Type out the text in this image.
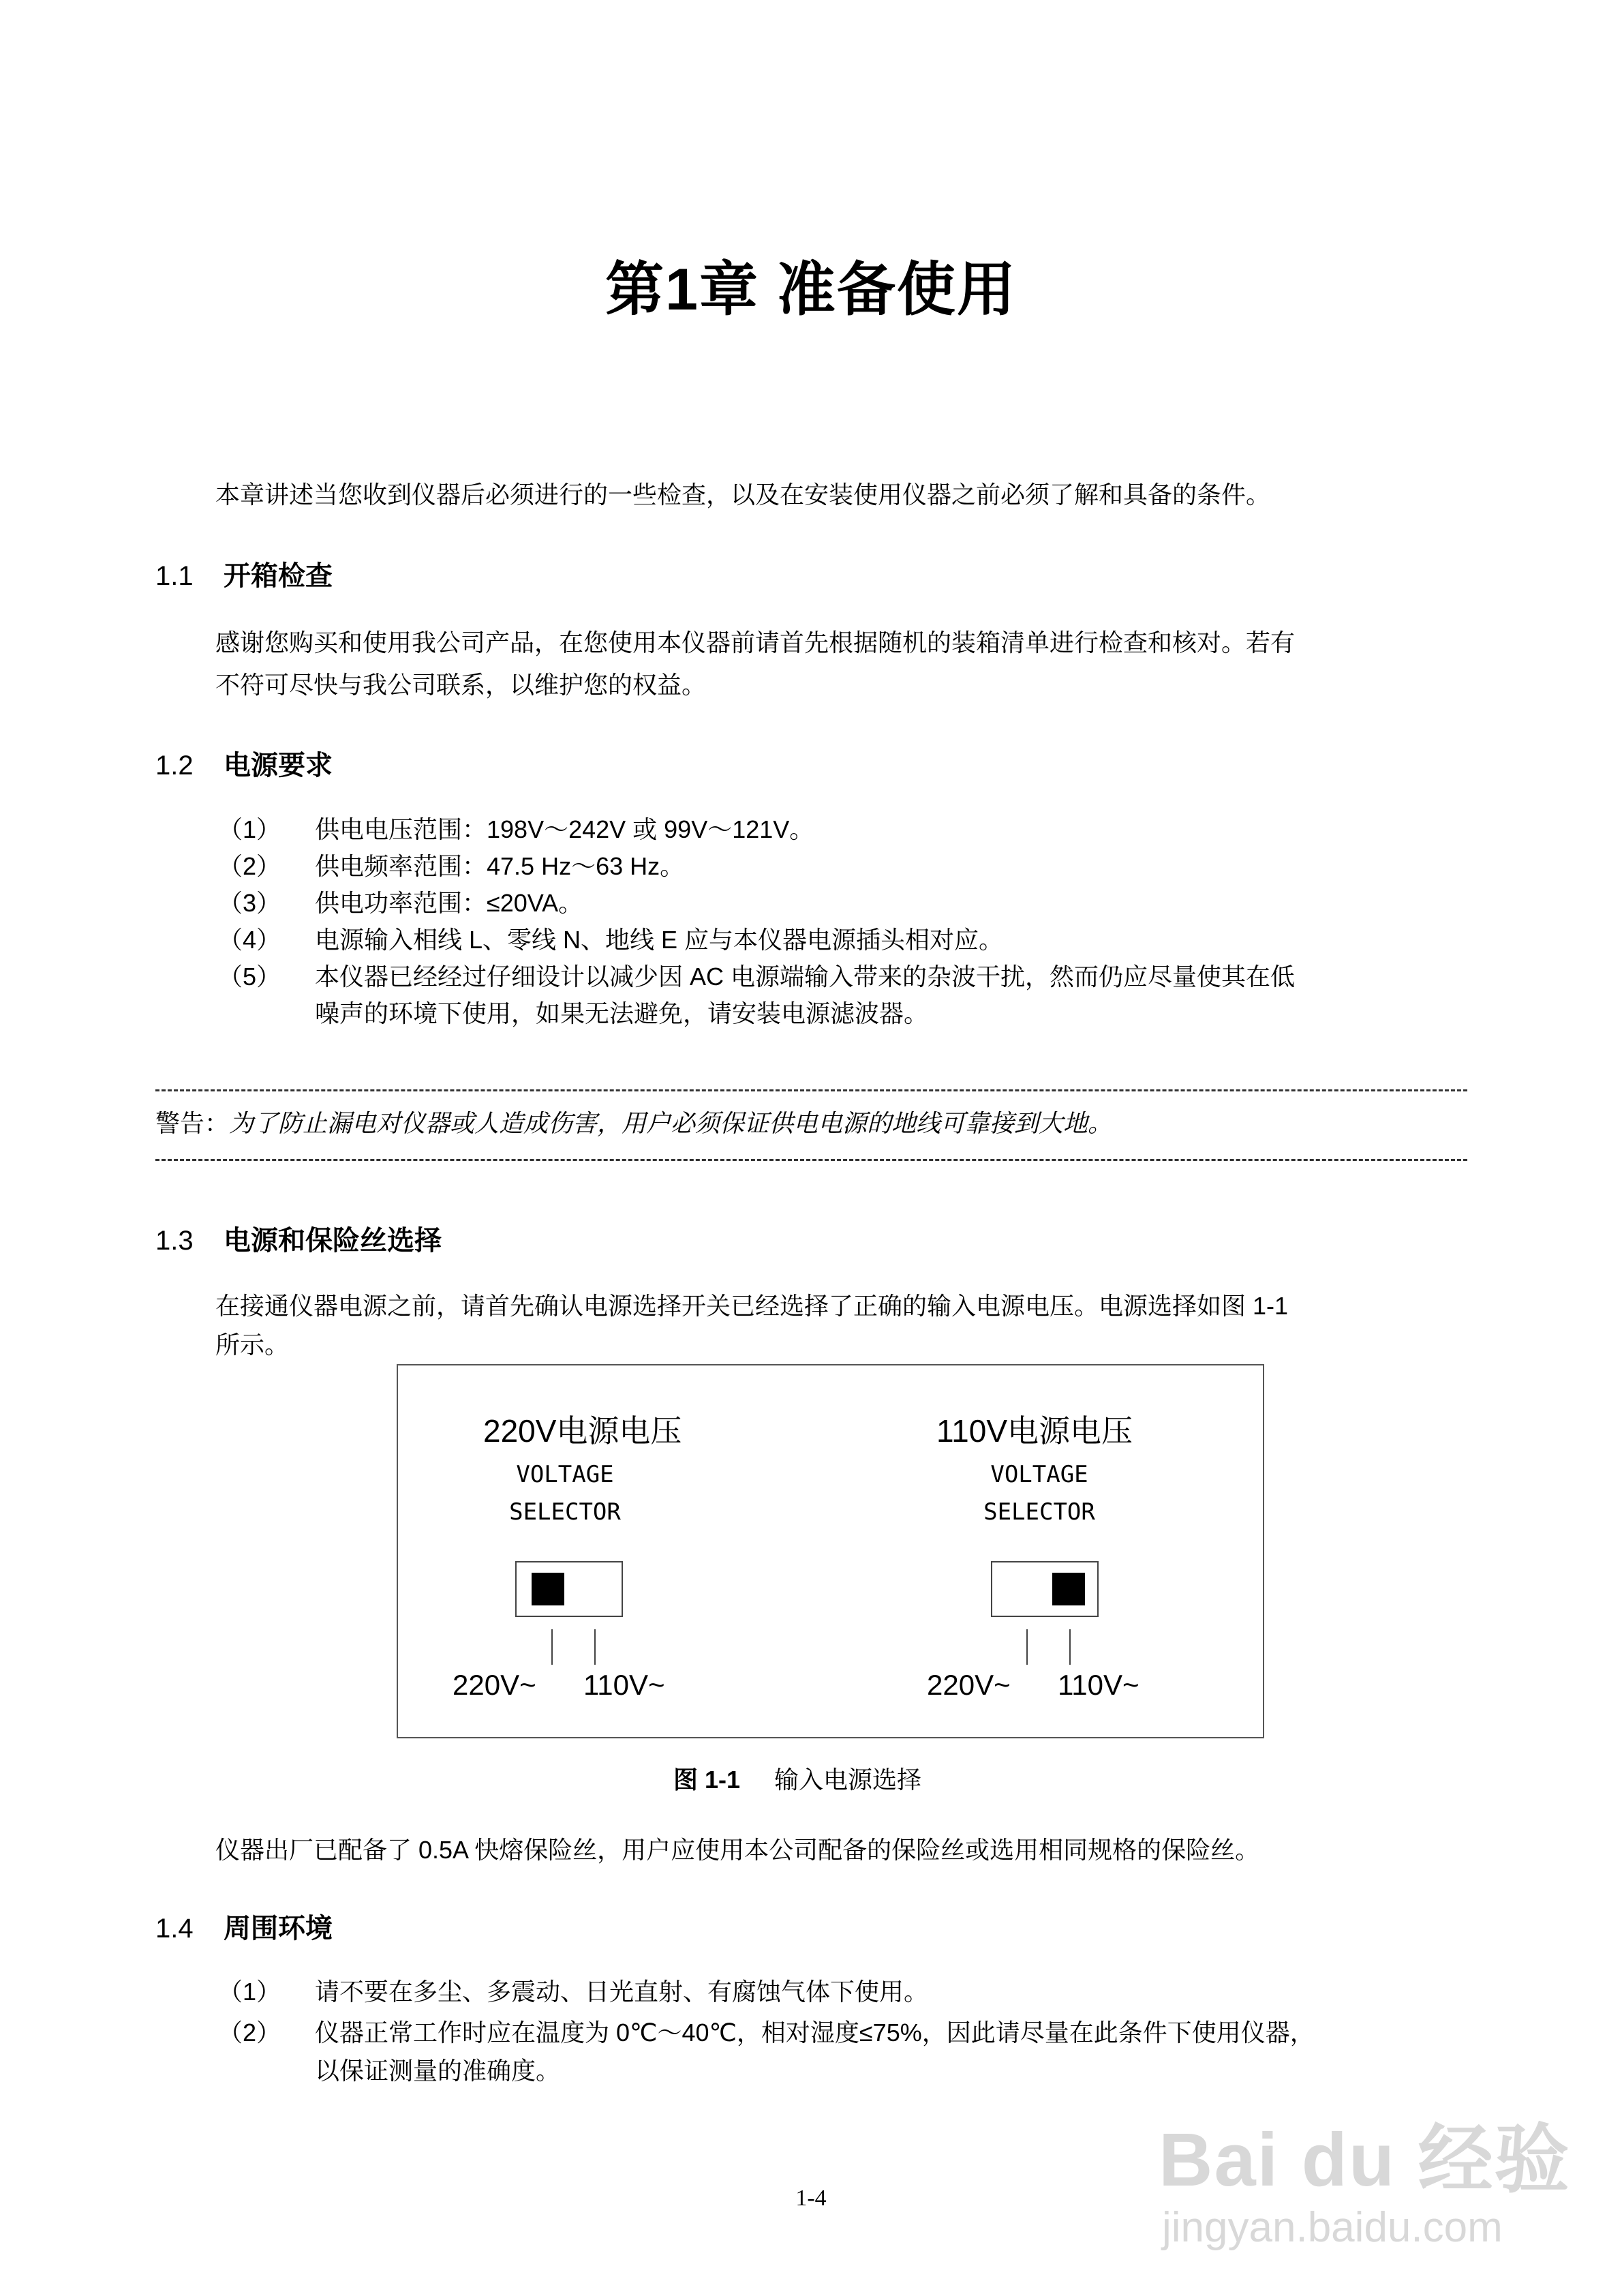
第1章 准备使用
本章讲述当您收到仪器后必须进行的一些检查，以及在安装使用仪器之前必须了解和具备的条件。
1.1 开箱检查
感谢您购买和使用我公司产品，在您使用本仪器前请首先根据随机的装箱清单进行检查和核对。若有
不符可尽快与我公司联系，以维护您的权益。
1.2 电源要求
（1） 供电电压范围：198V～242V 或 99V～121V。
（2） 供电频率范围：47.5 Hz～63 Hz。
（3） 供电功率范围：≤20VA。
（4） 电源输入相线 L、零线 N、地线 E 应与本仪器电源插头相对应。
（5） 本仪器已经经过仔细设计以减少因 AC 电源端输入带来的杂波干扰，然而仍应尽量使其在低
噪声的环境下使用，如果无法避免，请安装电源滤波器。
警告：为了防止漏电对仪器或人造成伤害，用户必须保证供电电源的地线可靠接到大地。
1.3 电源和保险丝选择
在接通仪器电源之前，请首先确认电源选择开关已经选择了正确的输入电源电压。电源选择如图 1-1
所示。
220V电源电压
VOLTAGE
SELECTOR
220V~ 110V~
110V电源电压
VOLTAGE
SELECTOR
220V~ 110V~
图 1-1 输入电源选择
仪器出厂已配备了 0.5A 快熔保险丝，用户应使用本公司配备的保险丝或选用相同规格的保险丝。
1.4 周围环境
（1） 请不要在多尘、多震动、日光直射、有腐蚀气体下使用。
（2） 仪器正常工作时应在温度为 0℃～40℃，相对湿度≤75%，因此请尽量在此条件下使用仪器，
以保证测量的准确度。
1-4	Bai du 经验
jingyan.baidu.com
